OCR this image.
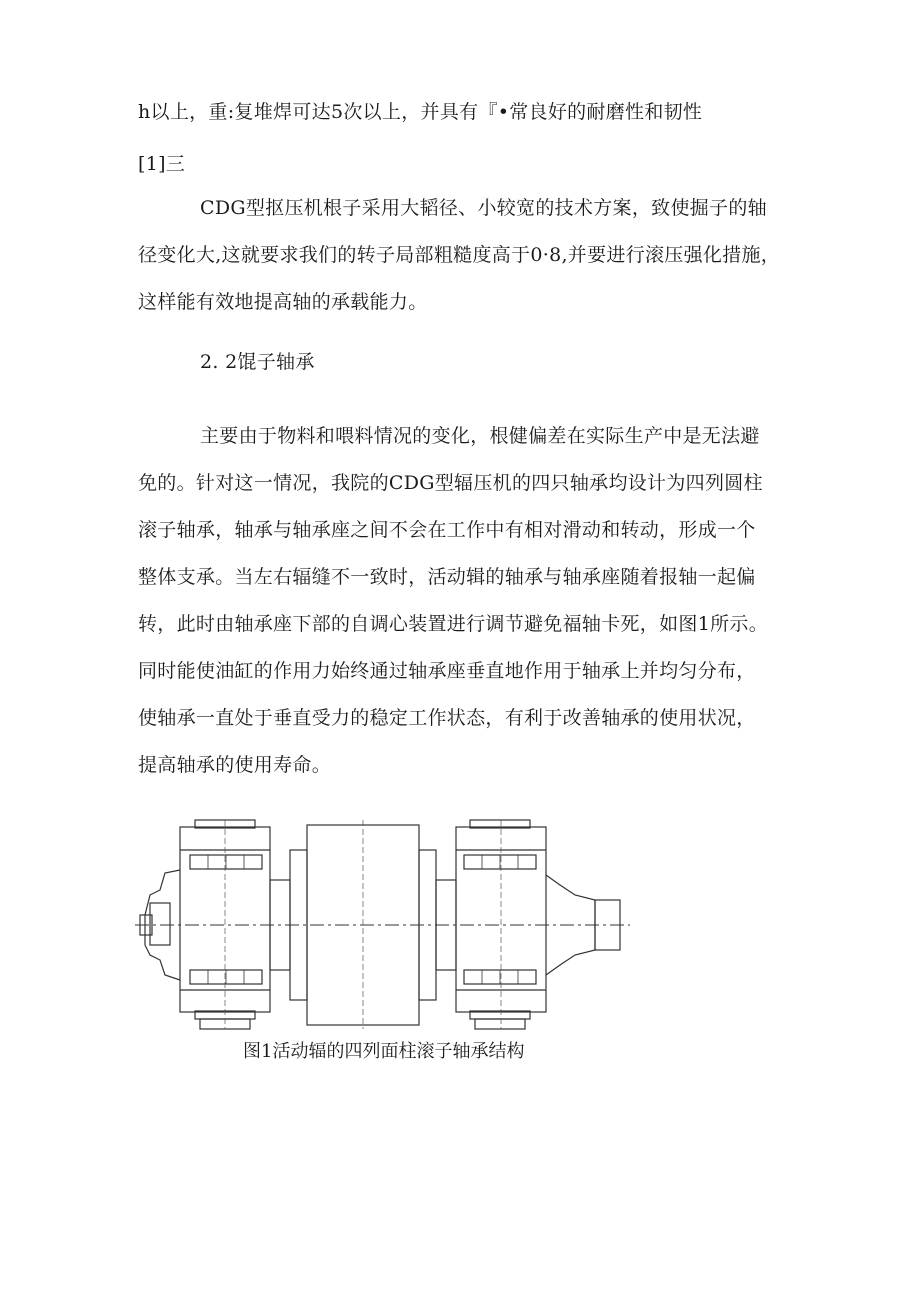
h以上，重:复堆焊可达5次以上，并具有『•常良好的耐磨性和韧性
[1]三
CDG型抠压机根子采用大韬径、小较宽的技术方案，致使掘子的轴
径变化大,这就要求我们的转子局部粗糙度高于0·8,并要进行滚压强化措施，
这样能有效地提高轴的承载能力。
2. 2馄子轴承
主要由于物料和喂料情况的变化，根健偏差在实际生产中是无法避
免的。针对这一情况，我院的CDG型辐压机的四只轴承均设计为四列圆柱
滚子轴承，轴承与轴承座之间不会在工作中有相对滑动和转动，形成一个
整体支承。当左右辐缝不一致时，活动辑的轴承与轴承座随着报轴一起偏
转，此时由轴承座下部的自调心装置进行调节避免福轴卡死，如图1所示。
同时能使油缸的作用力始终通过轴承座垂直地作用于轴承上并均匀分布，
使轴承一直处于垂直受力的稳定工作状态，有利于改善轴承的使用状况，
提高轴承的使用寿命。
图1活动辐的四列面柱滚子轴承结构
